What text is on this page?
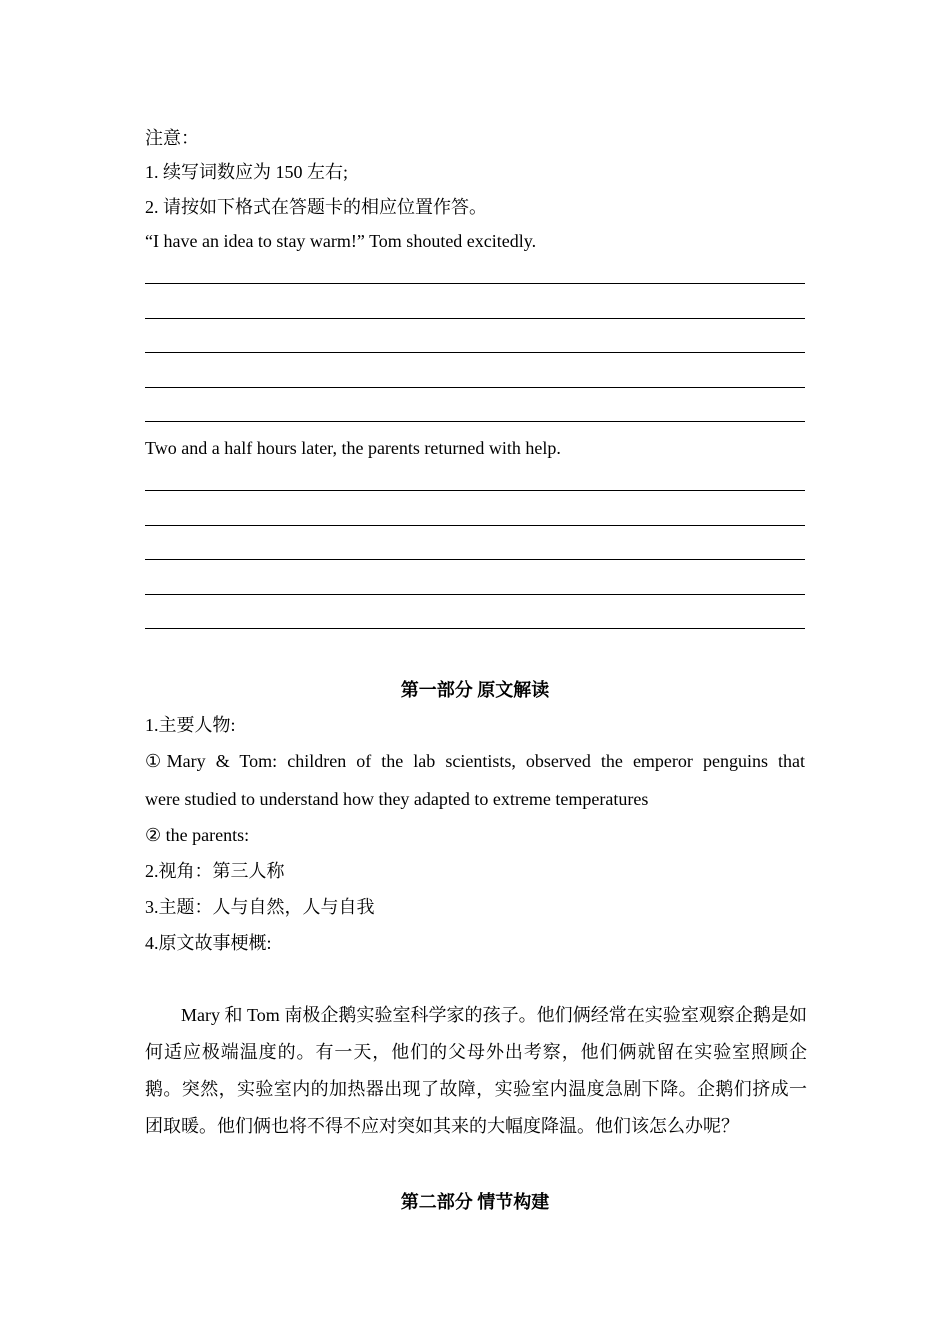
注意：
1. 续写词数应为 150 左右;
2. 请按如下格式在答题卡的相应位置作答。
“I have an idea to stay warm!” Tom shouted excitedly.
Two and a half hours later, the parents returned with help.
第一部分 原文解读
1.主要人物:
①Mary & Tom: children of the lab scientists, observed the emperor penguins that
were studied to understand how they adapted to extreme temperatures
② the parents:
2.视角：第三人称
3.主题：人与自然，人与自我
4.原文故事梗概:
Mary 和 Tom 南极企鹅实验室科学家的孩子。他们俩经常在实验室观察企鹅是如何适应极端温度的。有一天，他们的父母外出考察，他们俩就留在实验室照顾企鹅。突然，实验室内的加热器出现了故障，实验室内温度急剧下降。企鹅们挤成一团取暖。他们俩也将不得不应对突如其来的大幅度降温。他们该怎么办呢？
第二部分 情节构建
